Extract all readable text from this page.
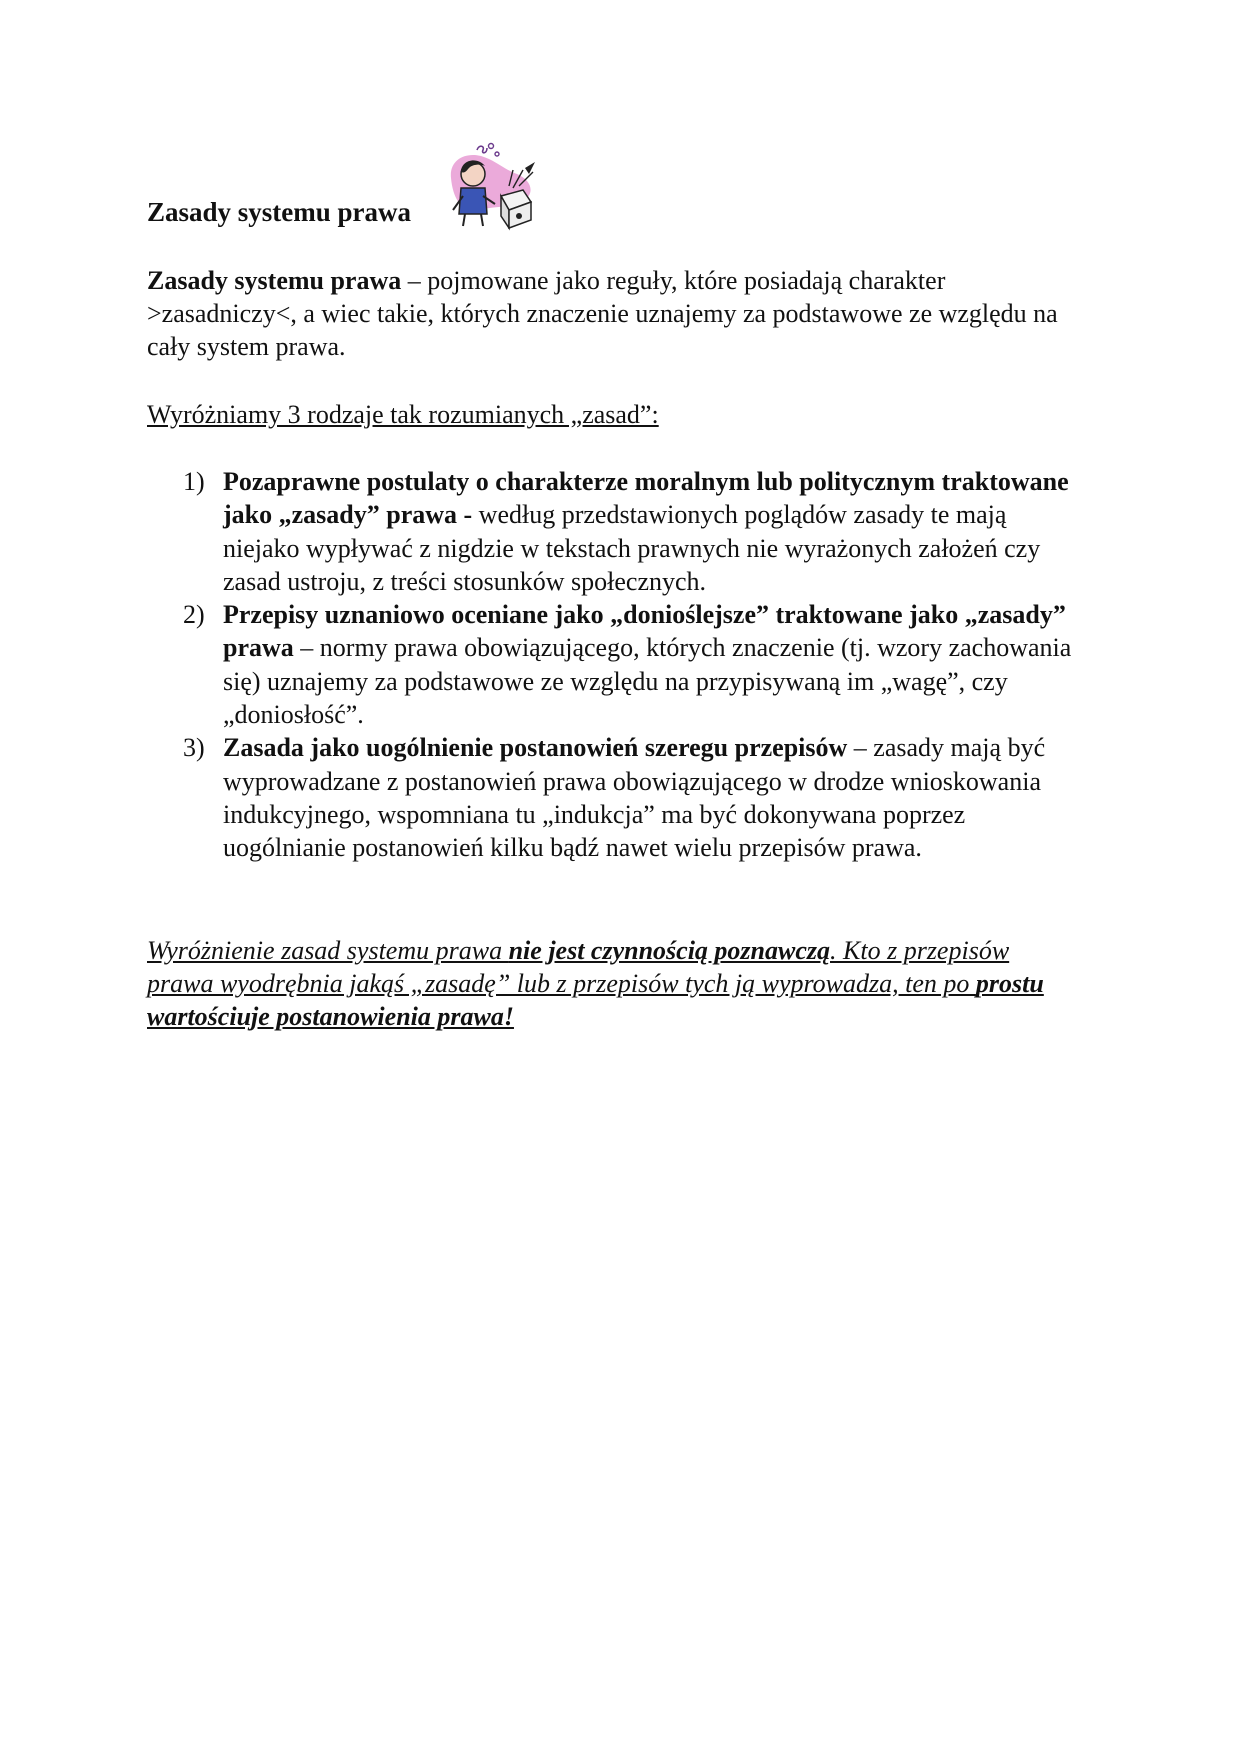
Zasady systemu prawa

Zasady systemu prawa – pojmowane jako reguły, które posiadają charakter >zasadniczy<, a wiec takie, których znaczenie uznajemy za podstawowe ze względu na cały system prawa.

Wyróżniamy 3 rodzaje tak rozumianych „zasad”:
1) Pozaprawne postulaty o charakterze moralnym lub politycznym traktowane jako „zasady” prawa - według przedstawionych poglądów zasady te mają niejako wypływać z nigdzie w tekstach prawnych nie wyrażonych założeń czy zasad ustroju, z treści stosunków społecznych.
2) Przepisy uznaniowo oceniane jako „donioślejsze” traktowane jako „zasady” prawa – normy prawa obowiązującego, których znaczenie (tj. wzory zachowania się) uznajemy za podstawowe ze względu na przypisywaną im „wagę”, czy „doniosłość”.
3) Zasada jako uogólnienie postanowień szeregu przepisów – zasady mają być wyprowadzane z postanowień prawa obowiązującego w drodze wnioskowania indukcyjnego, wspomniana tu „indukcja” ma być dokonywana poprzez uogólnianie postanowień kilku bądź nawet wielu przepisów prawa.

Wyróżnienie zasad systemu prawa nie jest czynnością poznawczą. Kto z przepisów prawa wyodrębnia jakąś „zasadę” lub z przepisów tych ją wyprowadza, ten po prostu wartościuje postanowienia prawa!
